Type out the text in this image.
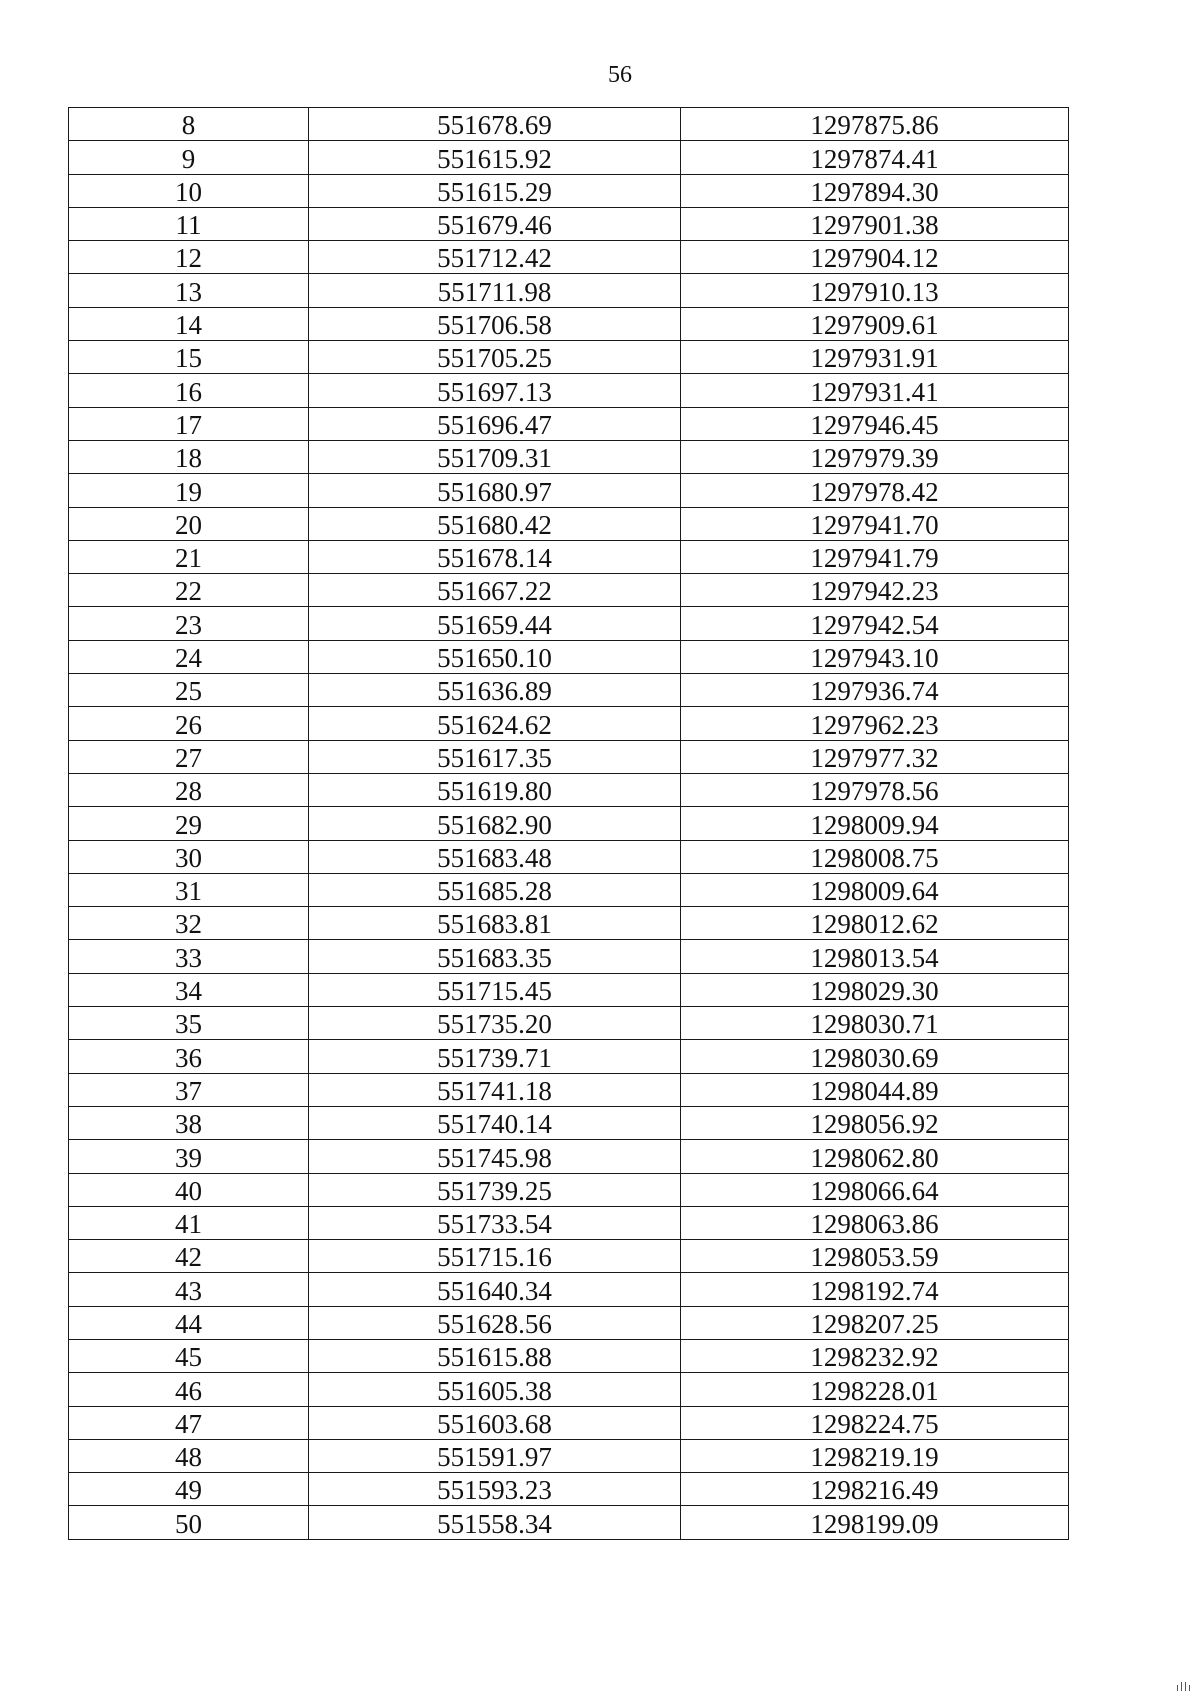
56
8	551678.69	1297875.86
9	551615.92	1297874.41
10	551615.29	1297894.30
11	551679.46	1297901.38
12	551712.42	1297904.12
13	551711.98	1297910.13
14	551706.58	1297909.61
15	551705.25	1297931.91
16	551697.13	1297931.41
17	551696.47	1297946.45
18	551709.31	1297979.39
19	551680.97	1297978.42
20	551680.42	1297941.70
21	551678.14	1297941.79
22	551667.22	1297942.23
23	551659.44	1297942.54
24	551650.10	1297943.10
25	551636.89	1297936.74
26	551624.62	1297962.23
27	551617.35	1297977.32
28	551619.80	1297978.56
29	551682.90	1298009.94
30	551683.48	1298008.75
31	551685.28	1298009.64
32	551683.81	1298012.62
33	551683.35	1298013.54
34	551715.45	1298029.30
35	551735.20	1298030.71
36	551739.71	1298030.69
37	551741.18	1298044.89
38	551740.14	1298056.92
39	551745.98	1298062.80
40	551739.25	1298066.64
41	551733.54	1298063.86
42	551715.16	1298053.59
43	551640.34	1298192.74
44	551628.56	1298207.25
45	551615.88	1298232.92
46	551605.38	1298228.01
47	551603.68	1298224.75
48	551591.97	1298219.19
49	551593.23	1298216.49
50	551558.34	1298199.09
